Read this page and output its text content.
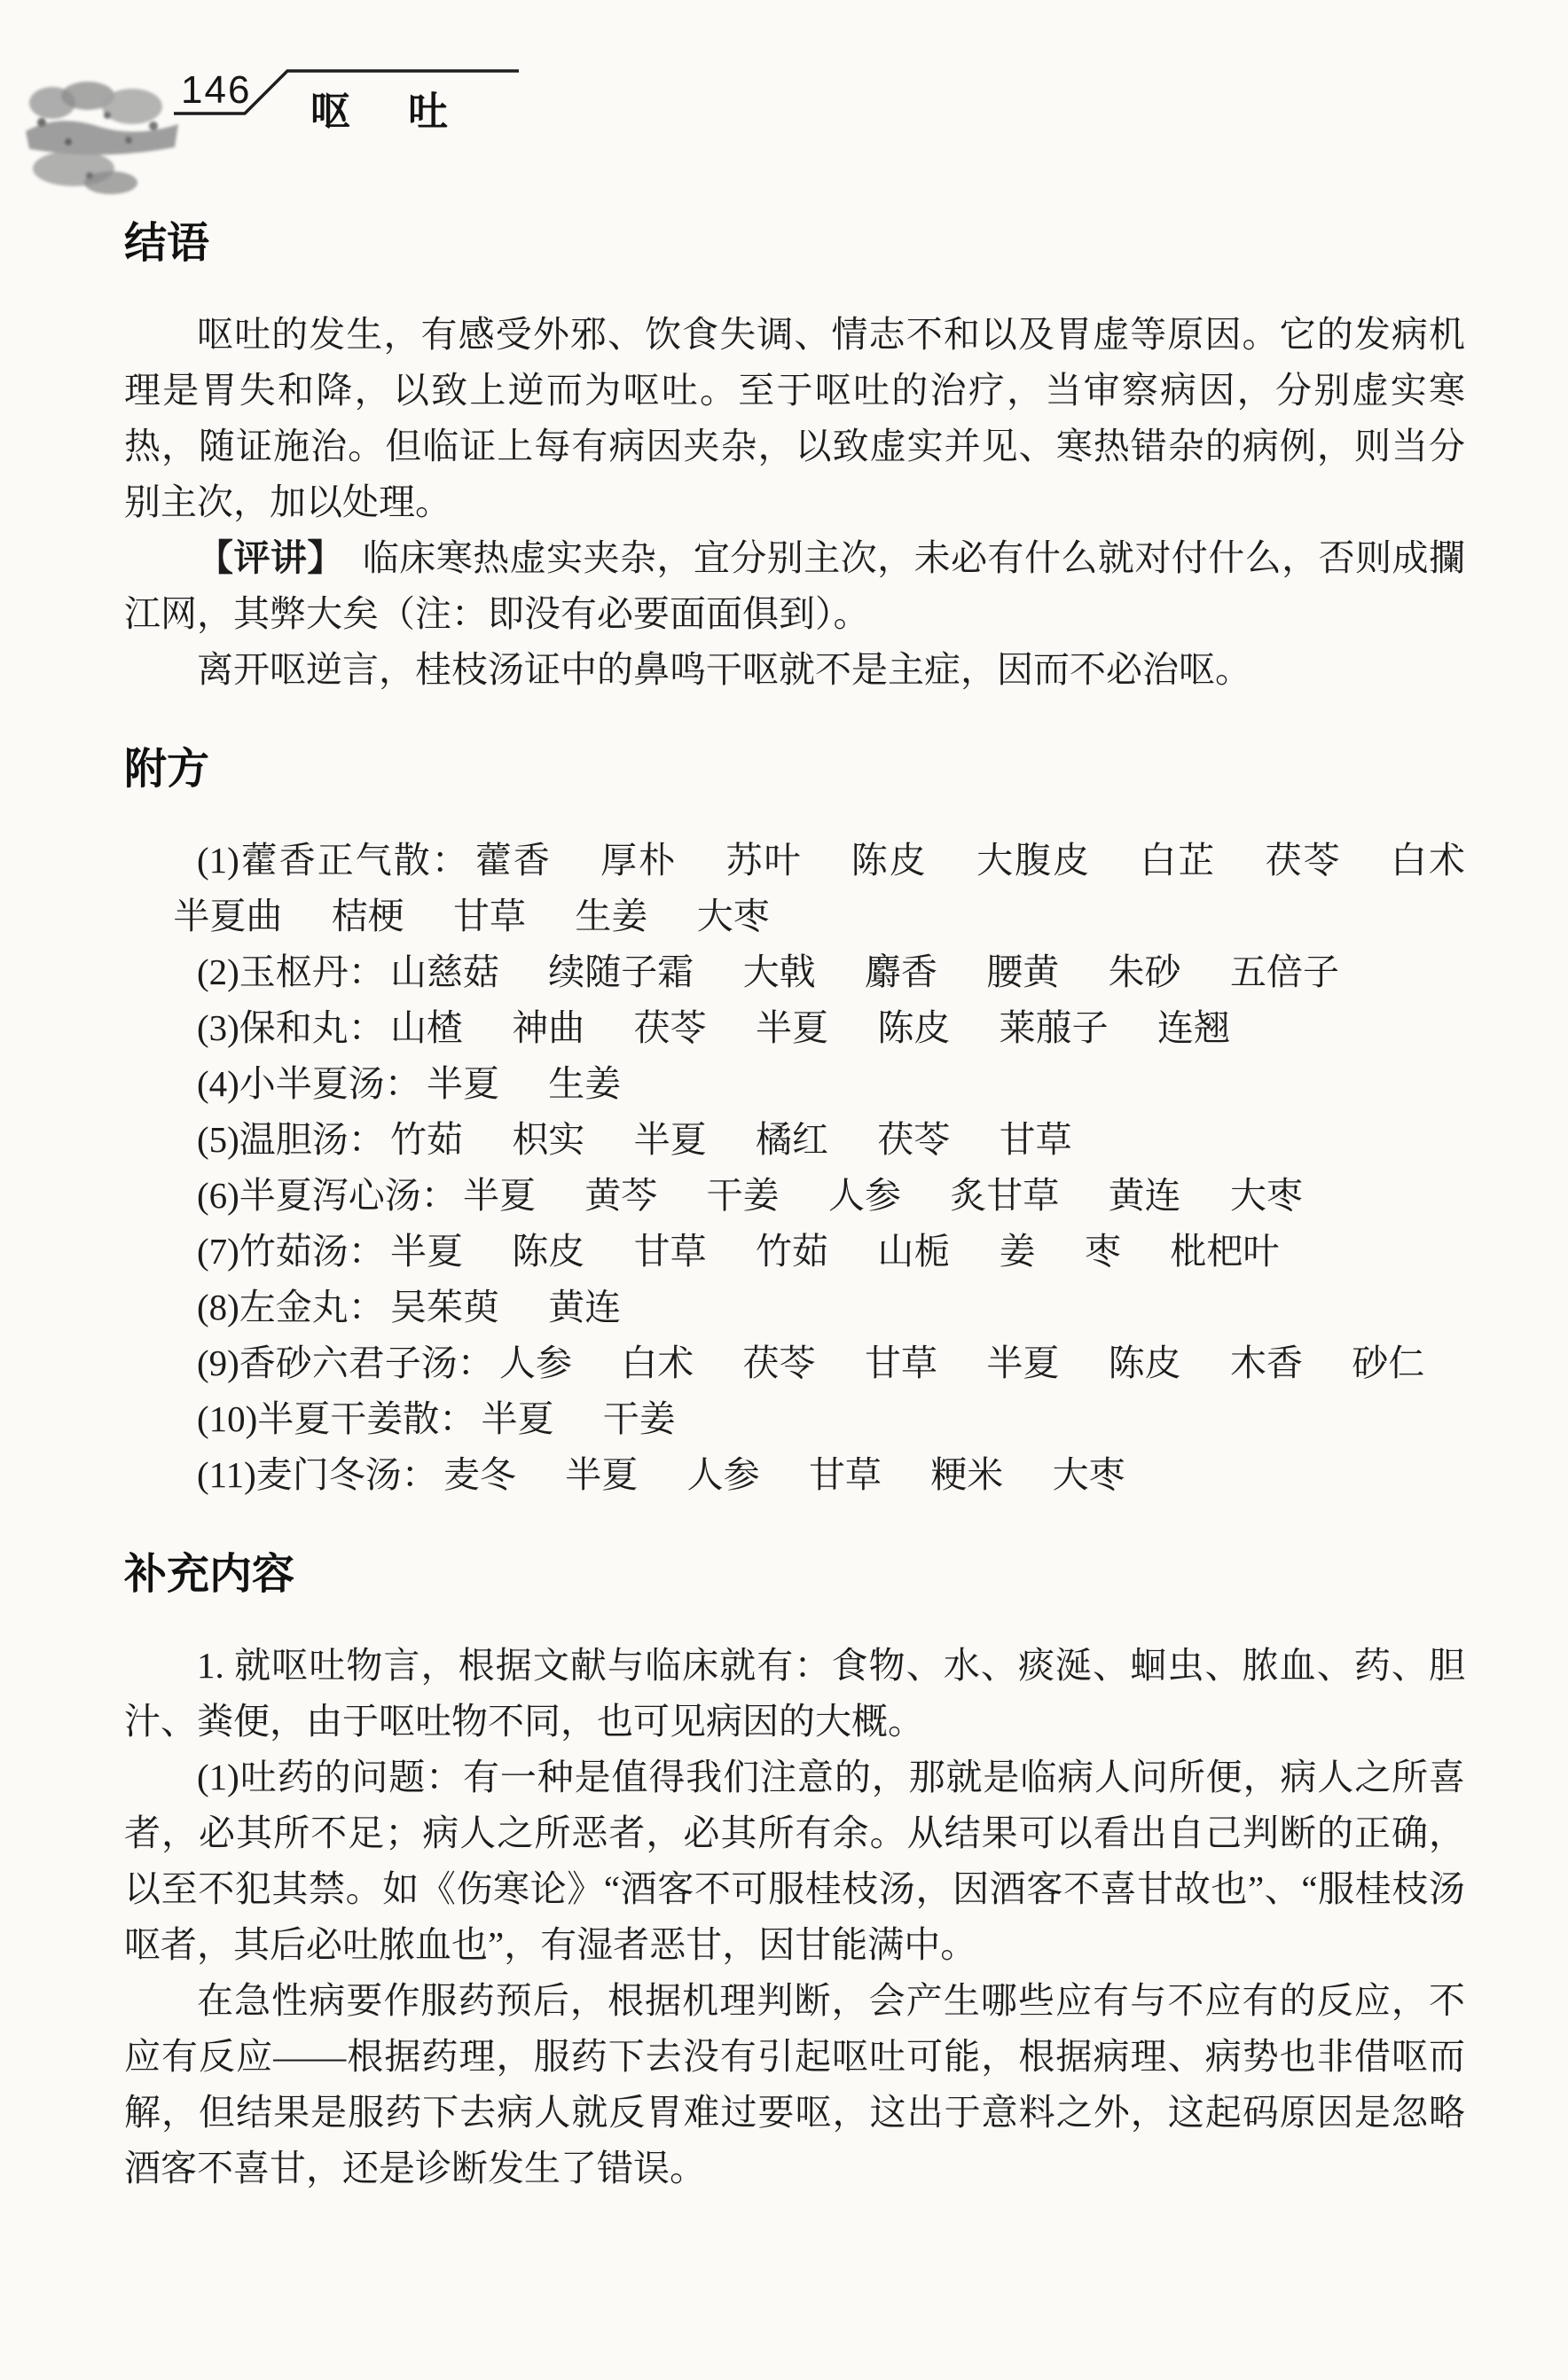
146 呕　吐
结语

呕吐的发生，有感受外邪、饮食失调、情志不和以及胃虚等原因。它的发病机理是胃失和降，以致上逆而为呕吐。至于呕吐的治疗，当审察病因，分别虚实寒热，随证施治。但临证上每有病因夹杂，以致虚实并见、寒热错杂的病例，则当分别主次，加以处理。

【评讲】　临床寒热虚实夹杂，宜分别主次，未必有什么就对付什么，否则成攔江网，其弊大矣（注：即没有必要面面俱到）。

离开呕逆言，桂枝汤证中的鼻鸣干呕就不是主症，因而不必治呕。

附方

(1)藿香正气散： 藿香 厚朴 苏叶 陈皮 大腹皮 白芷 茯苓 白术半夏曲 桔梗 甘草 生姜 大枣

(2)玉枢丹： 山慈菇 续随子霜 大戟 麝香 腰黄 朱砂 五倍子

(3)保和丸： 山楂 神曲 茯苓 半夏 陈皮 莱菔子 连翘

(4)小半夏汤： 半夏 生姜

(5)温胆汤： 竹茹 枳实 半夏 橘红 茯苓 甘草

(6)半夏泻心汤： 半夏 黄芩 干姜 人参 炙甘草 黄连 大枣

(7)竹茹汤： 半夏 陈皮 甘草 竹茹 山栀 姜 枣 枇杷叶

(8)左金丸： 吴茱萸 黄连

(9)香砂六君子汤： 人参 白术 茯苓 甘草 半夏 陈皮 木香 砂仁

(10)半夏干姜散： 半夏 干姜

(11)麦门冬汤： 麦冬 半夏 人参 甘草 粳米 大枣

补充内容

1. 就呕吐物言，根据文献与临床就有：食物、水、痰涎、蛔虫、脓血、药、胆汁、粪便，由于呕吐物不同，也可见病因的大概。

(1)吐药的问题：有一种是值得我们注意的，那就是临病人问所便，病人之所喜者，必其所不足；病人之所恶者，必其所有余。从结果可以看出自己判断的正确，以至不犯其禁。如《伤寒论》“酒客不可服桂枝汤，因酒客不喜甘故也”、“服桂枝汤呕者，其后必吐脓血也”，有湿者恶甘，因甘能满中。

在急性病要作服药预后，根据机理判断，会产生哪些应有与不应有的反应，不应有反应——根据药理，服药下去没有引起呕吐可能，根据病理、病势也非借呕而解，但结果是服药下去病人就反胃难过要呕，这出于意料之外，这起码原因是忽略酒客不喜甘，还是诊断发生了错误。
